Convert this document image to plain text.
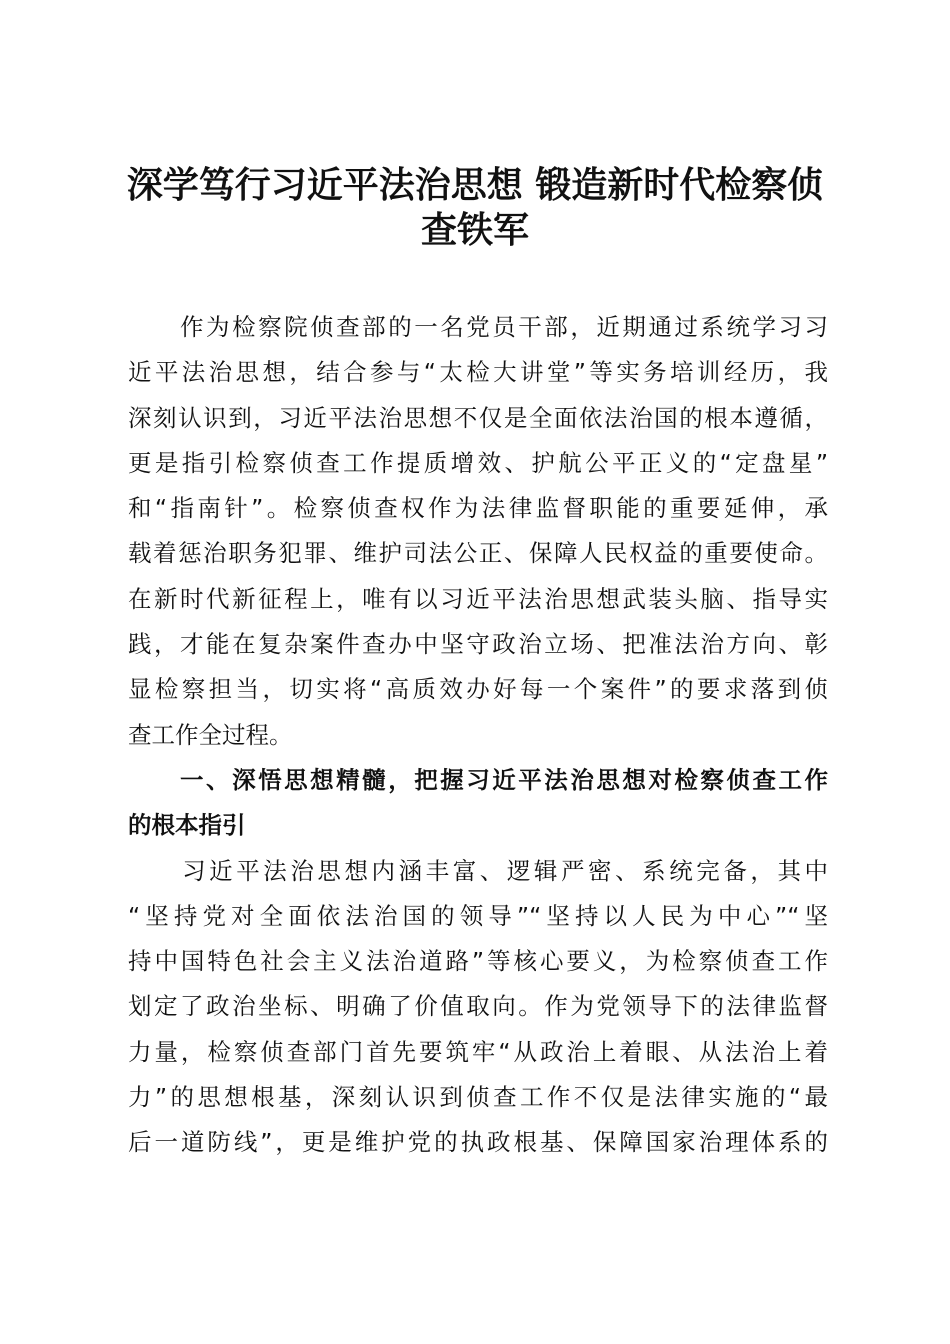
深学笃行习近平法治思想 锻造新时代检察侦
查铁军
　　作为检察院侦查部的一名党员干部，近期通过系统学习习
近平法治思想，结合参与“太检大讲堂”等实务培训经历，我
深刻认识到，习近平法治思想不仅是全面依法治国的根本遵循，
更是指引检察侦查工作提质增效、护航公平正义的“定盘星”
和“指南针”。检察侦查权作为法律监督职能的重要延伸，承
载着惩治职务犯罪、维护司法公正、保障人民权益的重要使命。
在新时代新征程上，唯有以习近平法治思想武装头脑、指导实
践，才能在复杂案件查办中坚守政治立场、把准法治方向、彰
显检察担当，切实将“高质效办好每一个案件”的要求落到侦
查工作全过程。
　　一、深悟思想精髓，把握习近平法治思想对检察侦查工作
的根本指引
　　习近平法治思想内涵丰富、逻辑严密、系统完备，其中
“坚持党对全面依法治国的领导”“坚持以人民为中心”“坚
持中国特色社会主义法治道路”等核心要义，为检察侦查工作
划定了政治坐标、明确了价值取向。作为党领导下的法律监督
力量，检察侦查部门首先要筑牢“从政治上着眼、从法治上着
力”的思想根基，深刻认识到侦查工作不仅是法律实施的“最
后一道防线”，更是维护党的执政根基、保障国家治理体系的
